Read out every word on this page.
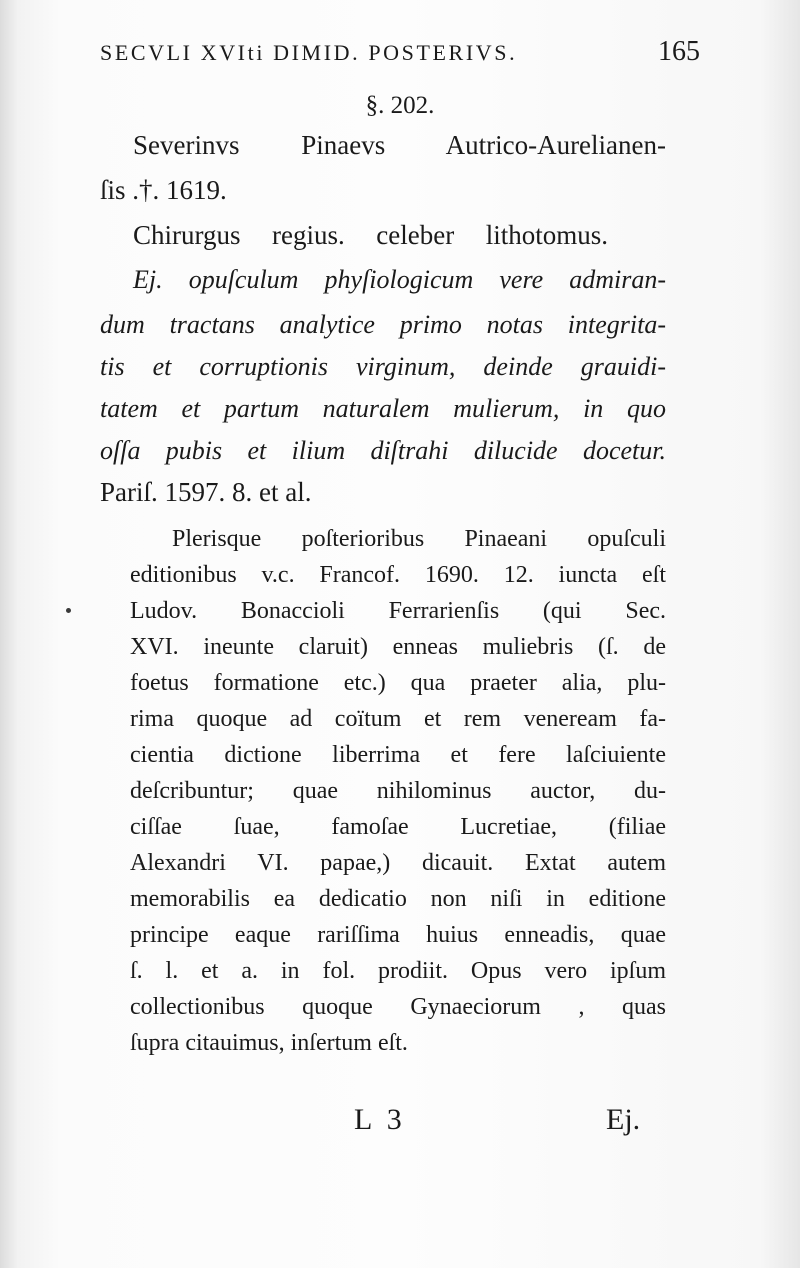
SECVLI XVIti DIMID. POSTERIVS.	165
§. 202.
Severinvs Pinaevs Autrico-Aurelianen-
ſis .†. 1619.
Chirurgus regius. celeber lithotomus.
Ej. opuſculum phyſiologicum vere admiran-
dum tractans analytice primo notas integrita-
tis et corruptionis virginum, deinde grauidi-
tatem et partum naturalem mulierum, in quo
oſſa pubis et ilium diſtrahi dilucide docetur.
Pariſ. 1597. 8. et al.
Plerisque poſterioribus Pinaeani opuſculi
editionibus v.c. Francof. 1690. 12. iuncta eſt
Ludov. Bonaccioli Ferrarienſis (qui Sec.
XVI. ineunte claruit) enneas muliebris (ſ. de
foetus formatione etc.) qua praeter alia, plu-
rima quoque ad coïtum et rem veneream fa-
cientia dictione liberrima et fere laſciuiente
deſcribuntur; quae nihilominus auctor, du-
ciſſae ſuae, famoſae Lucretiae, (filiae
Alexandri VI. papae,) dicauit. Extat autem
memorabilis ea dedicatio non niſi in editione
principe eaque rariſſima huius enneadis, quae
ſ. l. et a. in fol. prodiit. Opus vero ipſum
collectionibus quoque Gynaeciorum , quas
ſupra citauimus, inſertum eſt.
L 3	Ej.
